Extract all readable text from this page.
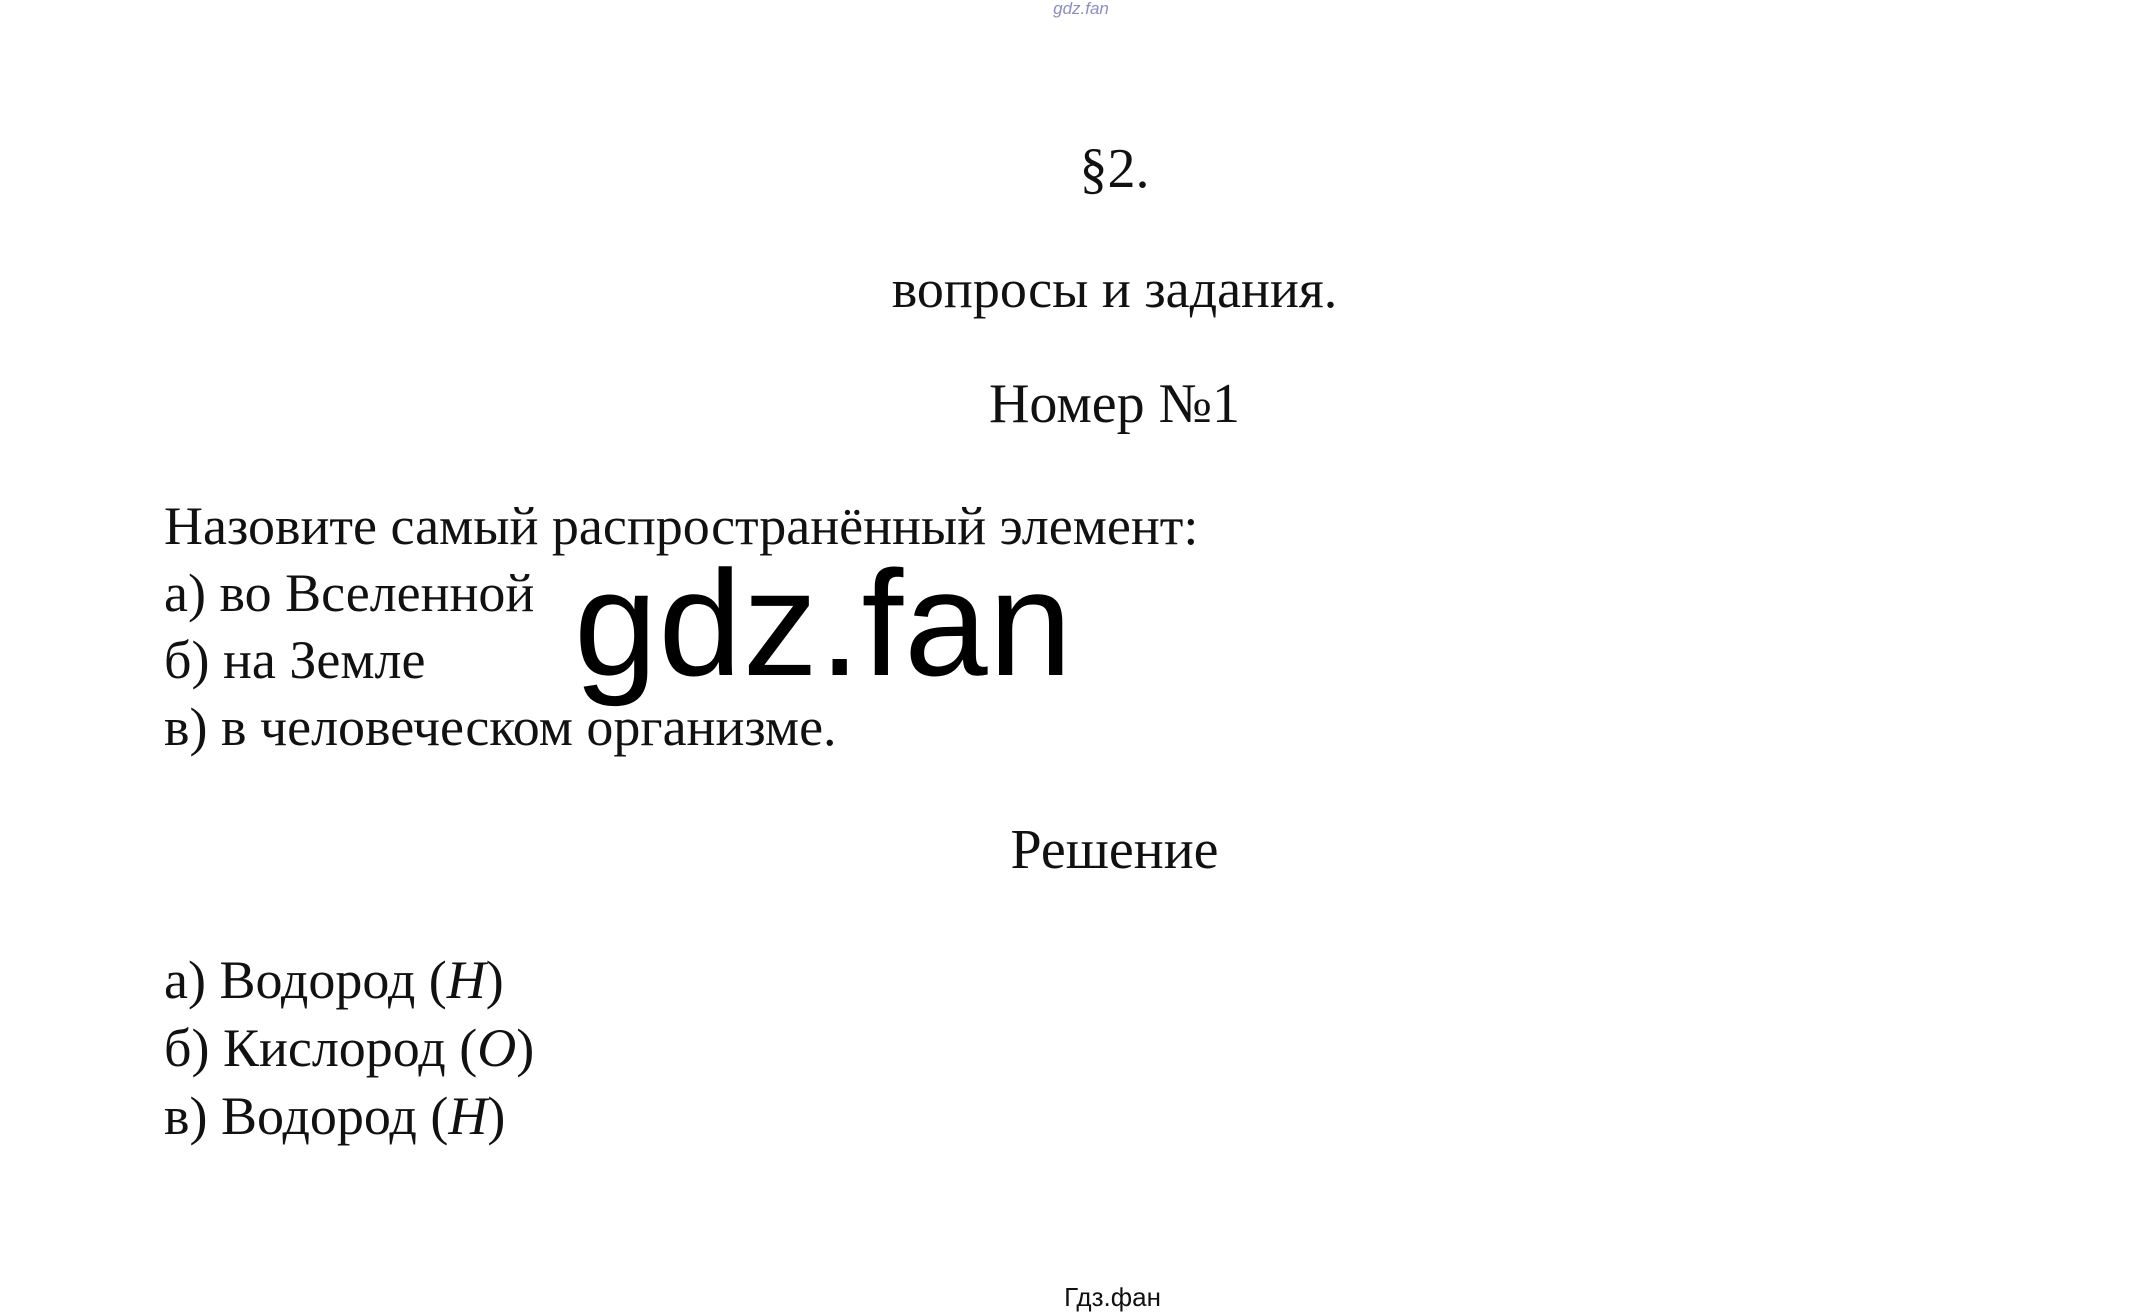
gdz.fan
§2.
вопросы и задания.
Номер №1
Назовите самый распространённый элемент:
а) во Вселенной
б) на Земле
в) в человеческом организме.
gdz.fan
Решение
а) Водород (H)
б) Кислород (O)
в) Водород (H)
Гдз.фан
